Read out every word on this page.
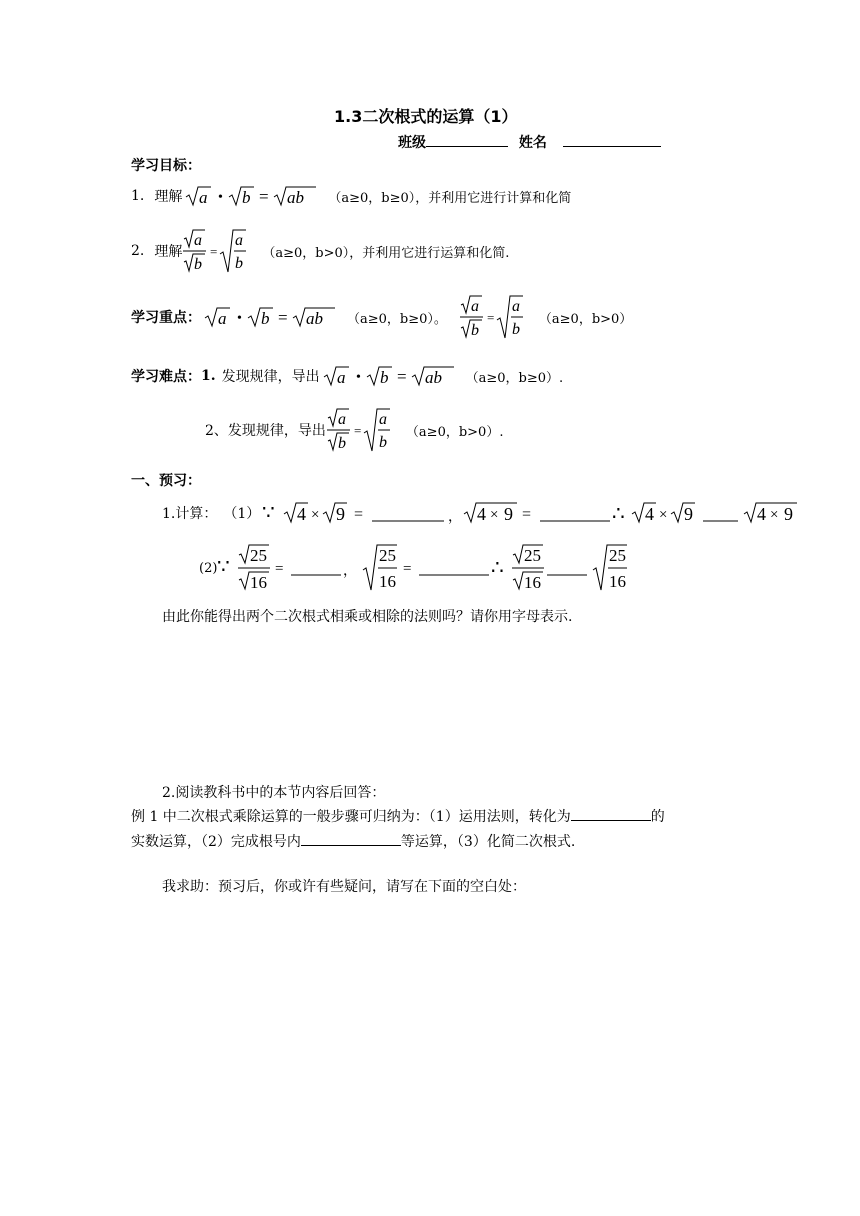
1.3二次根式的运算（1）
班级	姓名
学习目标：
1. 理解 a • b = ab （a≥0，b≥0），并利用它进行计算和化简
2. 理解
a
b
=
a
b
（a≥0，b>0），并利用它进行运算和化简.
学习重点： a • b = ab （a≥0，b≥0）。
a
b
=
a
b
（a≥0，b>0）
学习难点： 1. 发现规律，导出 a • b = ab （a≥0，b≥0）.
2、发现规律，导出
a
b
=
a
b
（a≥0，b>0）.
一、预习：
1.计算： （1） ∵ 4 × 9 =	， 4 × 9 =	∴ 4 × 9	4 × 9
(2) ∵
25
16
=	，
25
16
=	∴
25
16
25
16
由此你能得出两个二次根式相乘或相除的法则吗？请你用字母表示.
2.阅读教科书中的本节内容后回答：
例 1 中二次根式乘除运算的一般步骤可归纳为：（1）运用法则，转化为	的
实数运算，（2）完成根号内	等运算，（3）化简二次根式.
我求助：预习后，你或许有些疑问，请写在下面的空白处：
